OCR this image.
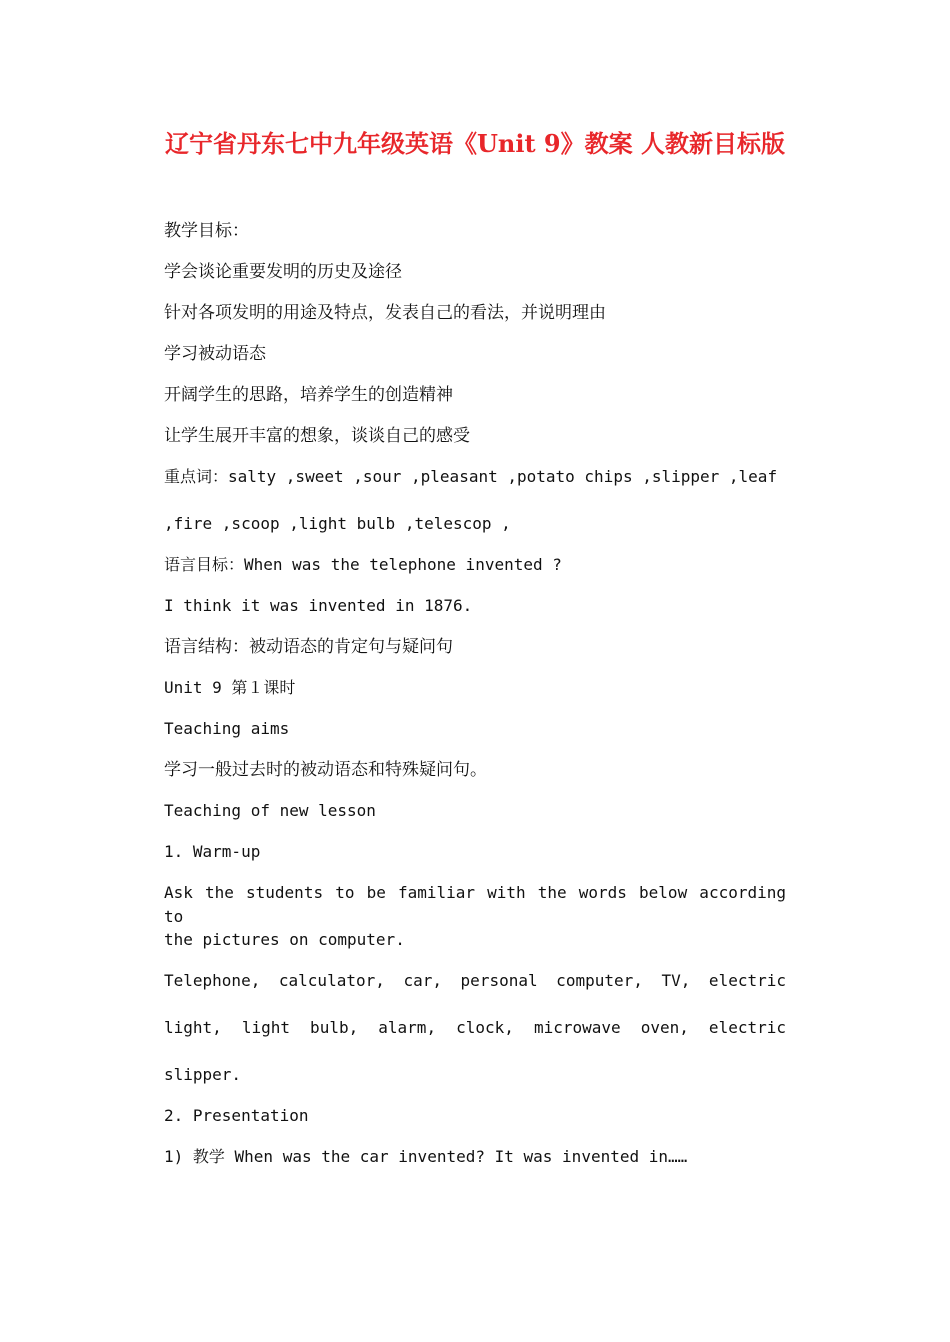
辽宁省丹东七中九年级英语《Unit 9》教案 人教新目标版

教学目标：

学会谈论重要发明的历史及途径

针对各项发明的用途及特点，发表自己的看法，并说明理由

学习被动语态

开阔学生的思路，培养学生的创造精神

让学生展开丰富的想象，谈谈自己的感受

重点词：salty ,sweet ,sour ,pleasant ,potato chips ,slipper ,leaf

,fire ,scoop ,light bulb ,telescop ,

语言目标：When was the telephone invented ?

I think it was invented in 1876.

语言结构：被动语态的肯定句与疑问句

Unit 9 第１课时

Teaching aims

学习一般过去时的被动语态和特殊疑问句。

Teaching of new lesson

1. Warm-up

Ask the students to be familiar with the words below according to

the pictures on computer.

Telephone, calculator, car, personal computer, TV, electric

light, light bulb, alarm, clock, microwave oven, electric

slipper.

2. Presentation

1) 教学 When was the car invented? It was invented in……
